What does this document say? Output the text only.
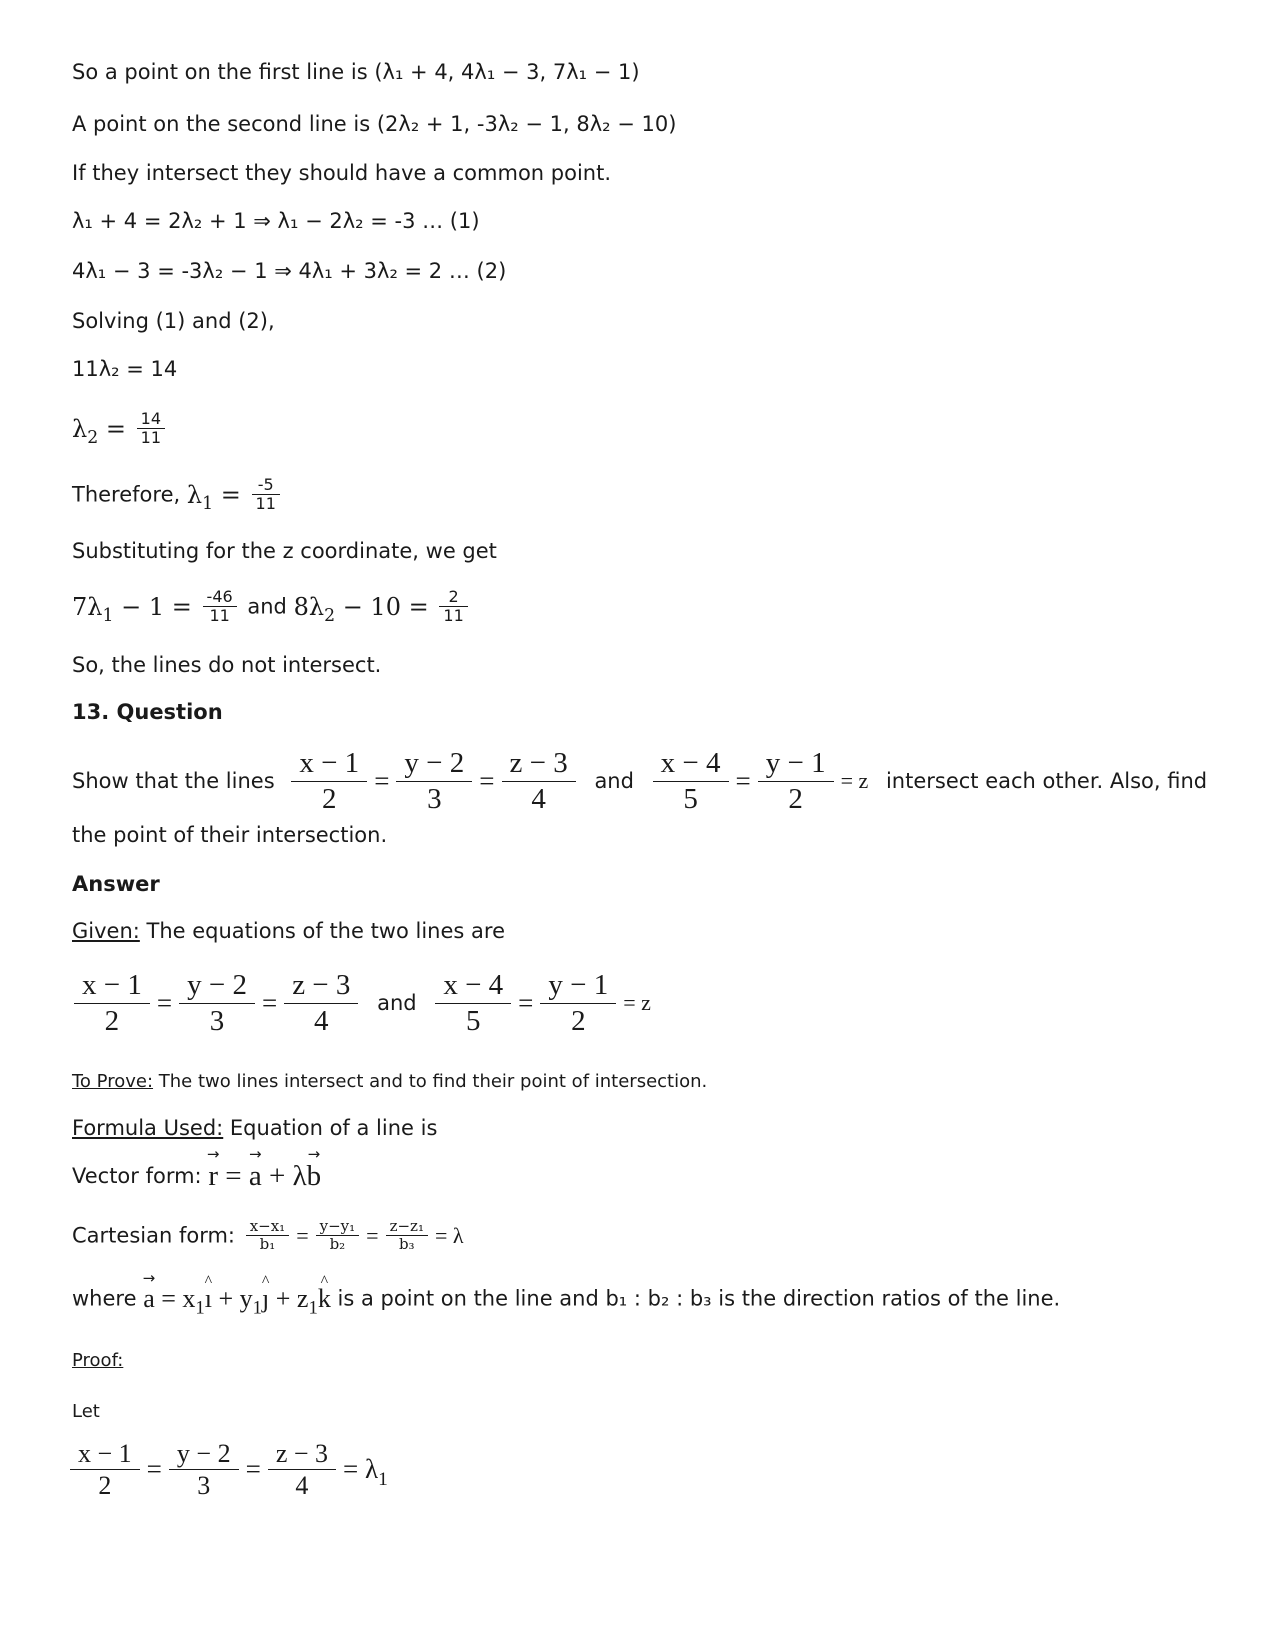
So a point on the first line is (λ₁ + 4, 4λ₁ − 3, 7λ₁ − 1)
A point on the second line is (2λ₂ + 1, -3λ₂ − 1, 8λ₂ − 10)
If they intersect they should have a common point.
λ₁ + 4 = 2λ₂ + 1 ⇒ λ₁ − 2λ₂ = -3 … (1)
4λ₁ − 3 = -3λ₂ − 1 ⇒ 4λ₁ + 3λ₂ = 2 … (2)
Solving (1) and (2),
11λ₂ = 14
$\lambda_2 = \frac{14}{11}$
Therefore, $\lambda_1 = \frac{-5}{11}$
Substituting for the z coordinate, we get
$7\lambda_1 - 1 = \frac{-46}{11}$ and $8\lambda_2 - 10 = \frac{2}{11}$
So, the lines do not intersect.
13. Question
Show that the lines $\frac{x - 1}{2} = \frac{y - 2}{3} = \frac{z - 3}{4}$ and $\frac{x - 4}{5} = \frac{y - 1}{2} = z$ intersect each other. Also, find
the point of their intersection.
Answer
Given: The equations of the two lines are
$\frac{x - 1}{2} = \frac{y - 2}{3} = \frac{z - 3}{4}$ and $\frac{x - 4}{5} = \frac{y - 1}{2} = z$
To Prove: The two lines intersect and to find their point of intersection.
Formula Used: Equation of a line is
Vector form: → r = → a + λ→ b
Cartesian form: $\frac{\text{x−x₁}}{\text{b₁}} = \frac{\text{y−y₁}}{\text{b₂}} = \frac{\text{z−z₁}}{\text{b₃}} = \lambda$
where → $a = x_1\^{}$ ı + $y_1\^{}$ ȷ + $z_1\^{}$ k is a point on the line and b₁ : b₂ : b₃ is the direction ratios of the line.
Proof:
Let
$\frac{x - 1}{2} = \frac{y - 2}{3} = \frac{z - 3}{4} = \lambda_1$
